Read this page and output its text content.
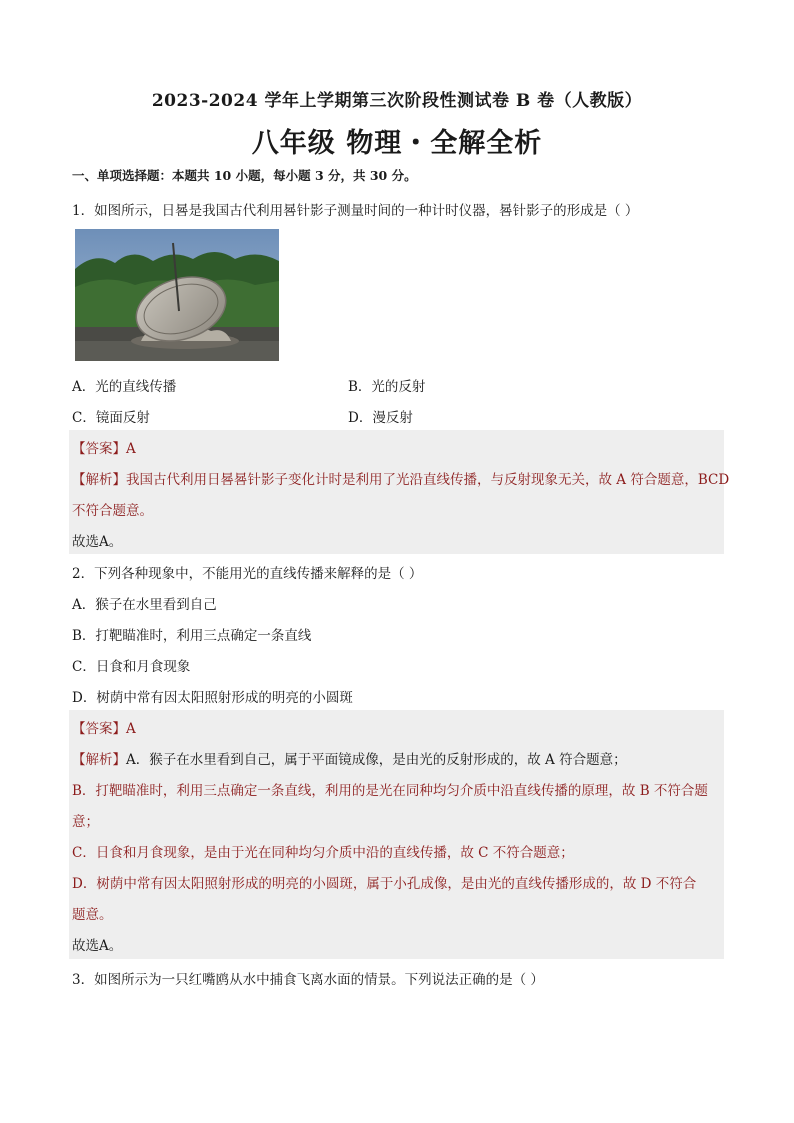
2023-2024 学年上学期第三次阶段性测试卷 B 卷（人教版）
八年级 物理・全解全析
一、单项选择题：本题共 10 小题，每小题 3 分，共 30 分。
1．如图所示，日晷是我国古代利用晷针影子测量时间的一种计时仪器，晷针影子的形成是（ ）
A．光的直线传播	B．光的反射
C．镜面反射	D．漫反射
【答案】A
【解析】我国古代利用日晷晷针影子变化计时是利用了光沿直线传播，与反射现象无关，故 A 符合题意，BCD
不符合题意。
故选A。
2．下列各种现象中，不能用光的直线传播来解释的是（ ）
A．猴子在水里看到自己
B．打靶瞄准时，利用三点确定一条直线
C．日食和月食现象
D．树荫中常有因太阳照射形成的明亮的小圆斑
【答案】A
【解析】A．猴子在水里看到自己，属于平面镜成像，是由光的反射形成的，故 A 符合题意；
B．打靶瞄准时，利用三点确定一条直线，利用的是光在同种均匀介质中沿直线传播的原理，故 B 不符合题
意；
C．日食和月食现象，是由于光在同种均匀介质中沿的直线传播，故 C 不符合题意；
D．树荫中常有因太阳照射形成的明亮的小圆斑，属于小孔成像，是由光的直线传播形成的，故 D 不符合
题意。
故选A。
3．如图所示为一只红嘴鸥从水中捕食飞离水面的情景。下列说法正确的是（ ）
